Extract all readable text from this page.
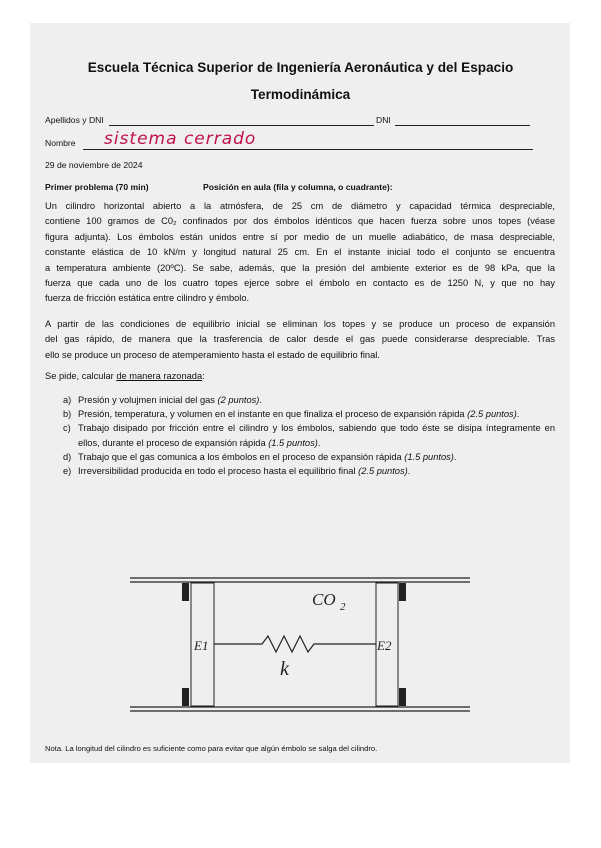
Escuela Técnica Superior de Ingeniería Aeronáutica y del Espacio
Termodinámica
Apellidos y DNI	DNI
Nombre sistema cerrado
29 de noviembre de 2024
Primer problema (70 min)	Posición en aula (fila y columna, o cuadrante):
Un cilindro horizontal abierto a la atmósfera, de 25 cm de diámetro y capacidad térmica despreciable,
contiene 100 gramos de C0₂ confinados por dos émbolos idénticos que hacen fuerza sobre unos topes (véase
figura adjunta). Los émbolos están unidos entre sí por medio de un muelle adiabático, de masa despreciable,
constante elástica de 10 kN/m y longitud natural 25 cm. En el instante inicial todo el conjunto se encuentra
a temperatura ambiente (20ºC). Se sabe, además, que la presión del ambiente exterior es de 98 kPa, que la
fuerza que cada uno de los cuatro topes ejerce sobre el émbolo en contacto es de 1250 N, y que no hay
fuerza de fricción estática entre cilindro y émbolo.
A partir de las condiciones de equilibrio inicial se eliminan los topes y se produce un proceso de expansión
del gas rápido, de manera que la trasferencia de calor desde el gas puede considerarse despreciable. Tras
ello se produce un proceso de atemperamiento hasta el estado de equilibrio final.
Se pide, calcular de manera razonada:
a) Presión y volujmen inicial del gas (2 puntos).
b) Presión, temperatura, y volumen en el instante en que finaliza el proceso de expansión rápida (2.5 puntos).
c) Trabajo disipado por fricción entre el cilindro y los émbolos, sabiendo que todo éste se disipa íntegramente en ellos, durante el proceso de expansión rápida (1.5 puntos).
d) Trabajo que el gas comunica a los émbolos en el proceso de expansión rápida (1.5 puntos).
e) Irreversibilidad producida en todo el proceso hasta el equilibrio final (2.5 puntos).
CO 2
E1	E2
k
Nota. La longitud del cilindro es suficiente como para evitar que algún émbolo se salga del cilindro.
